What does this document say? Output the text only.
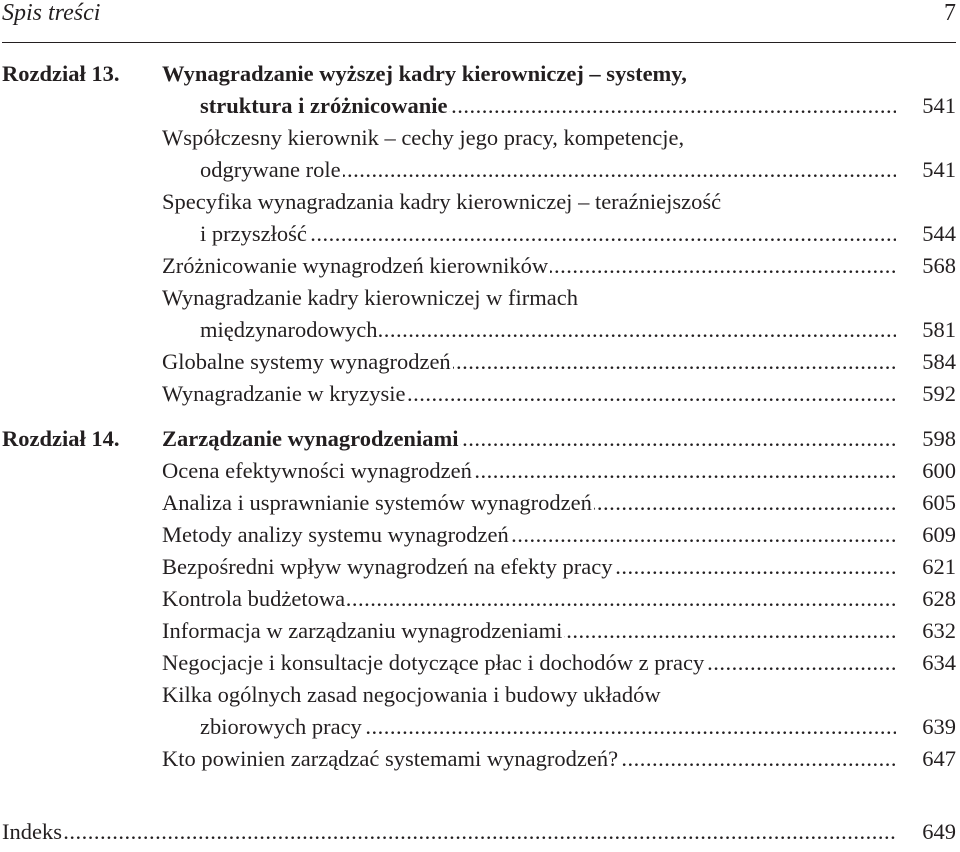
Spis treści	7
Rozdział 13. Wynagradzanie wyższej kadry kierowniczej – systemy,
.....
struktura i zróżnicowanie	541
Współczesny kierownik – cechy jego pracy, kompetencje,
.....
odgrywane role	541
Specyfika wynagradzania kadry kierowniczej – teraźniejszość
.....
i przyszłość	544
.....
Zróżnicowanie wynagrodzeń kierowników	568
Wynagradzanie kadry kierowniczej w firmach
.....
międzynarodowych	581
.....
Globalne systemy wynagrodzeń	584
.....
Wynagradzanie w kryzysie	592
Rozdział 14. ..... Zarządzanie wynagrodzeniami	598
.....
Ocena efektywności wynagrodzeń	600
.....
Analiza i usprawnianie systemów wynagrodzeń	605
.....
Metody analizy systemu wynagrodzeń	609
.....
Bezpośredni wpływ wynagrodzeń na efekty pracy	621
.....
Kontrola budżetowa	628
.....
Informacja w zarządzaniu wynagrodzeniami	632
.....
Negocjacje i konsultacje dotyczące płac i dochodów z pracy	634
Kilka ogólnych zasad negocjowania i budowy układów
.....
zbiorowych pracy	639
.....
Kto powinien zarządzać systemami wynagrodzeń?	647
.....
Indeks	649
